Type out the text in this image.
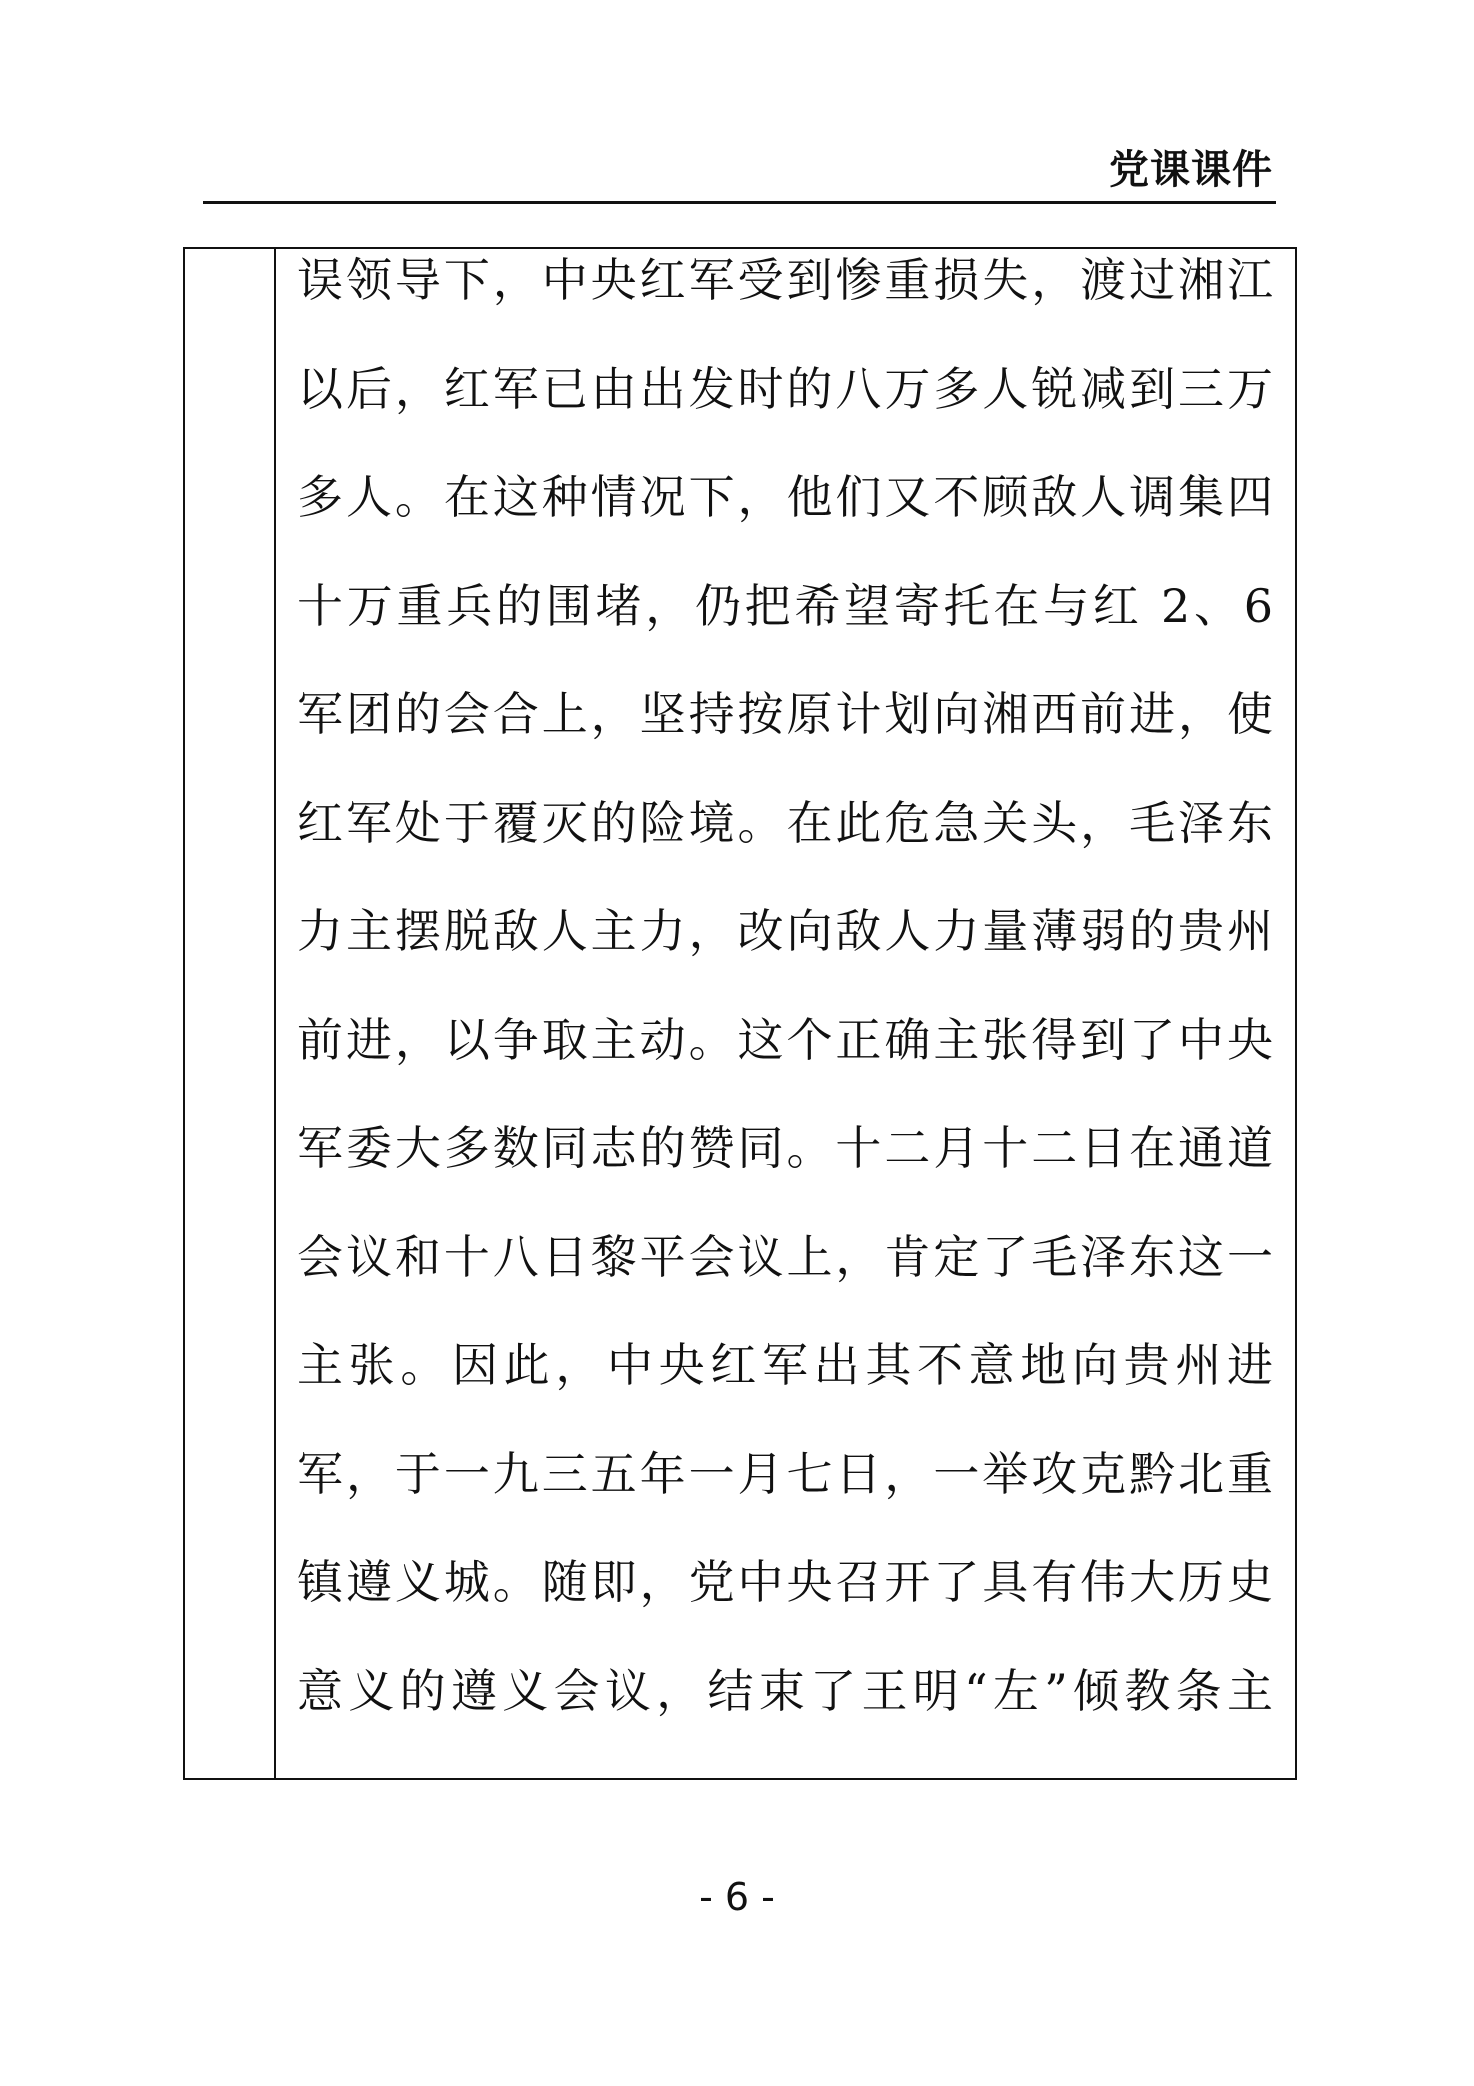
党课课件
误领导下，中央红军受到惨重损失，渡过湘江
以后，红军已由出发时的八万多人锐减到三万
多人。在这种情况下，他们又不顾敌人调集四
十万重兵的围堵，仍把希望寄托在与红 2、6
军团的会合上，坚持按原计划向湘西前进，使
红军处于覆灭的险境。在此危急关头，毛泽东
力主摆脱敌人主力，改向敌人力量薄弱的贵州
前进，以争取主动。这个正确主张得到了中央
军委大多数同志的赞同。十二月十二日在通道
会议和十八日黎平会议上，肯定了毛泽东这一
主张。因此，中央红军出其不意地向贵州进
军，于一九三五年一月七日，一举攻克黔北重
镇遵义城。随即，党中央召开了具有伟大历史
意义的遵义会议，结束了王明“左”倾教条主
- 6 -
